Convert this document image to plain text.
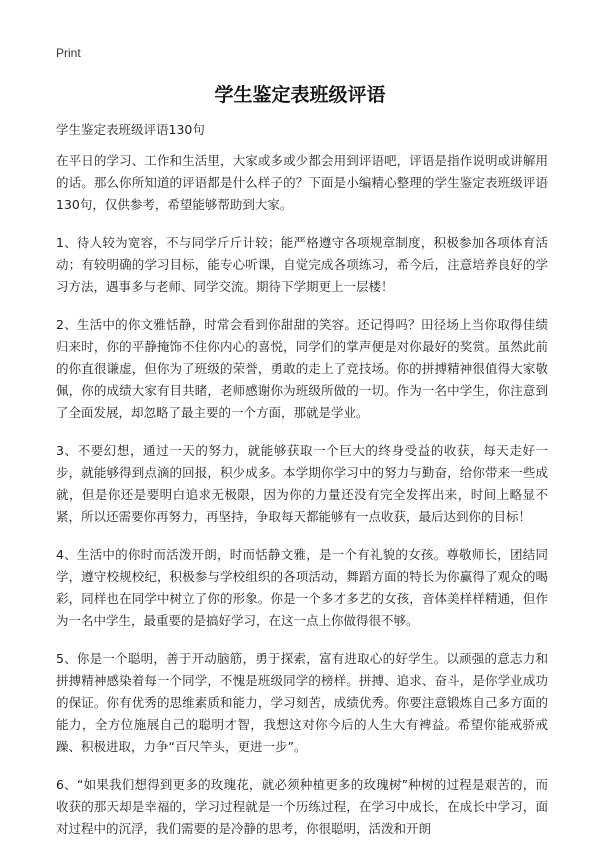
Print
学生鉴定表班级评语

学生鉴定表班级评语130句

在平日的学习、工作和生活里，大家或多或少都会用到评语吧，评语是指作说明或讲解用的话。那么你所知道的评语都是什么样子的？下面是小编精心整理的学生鉴定表班级评语130句，仅供参考，希望能够帮助到大家。

1、待人较为宽容，不与同学斤斤计较；能严格遵守各项规章制度，积极参加各项体育活动；有较明确的学习目标，能专心听课，自觉完成各项练习，希今后，注意培养良好的学习方法，遇事多与老师、同学交流。期待下学期更上一层楼！

2、生活中的你文雅恬静，时常会看到你甜甜的笑容。还记得吗？田径场上当你取得佳绩归来时，你的平静掩饰不住你内心的喜悦，同学们的掌声便是对你最好的奖赏。虽然此前的你直很谦虚，但你为了班级的荣誉，勇敢的走上了竞技场。你的拼搏精神很值得大家敬佩，你的成绩大家有目共睹，老师感谢你为班级所做的一切。作为一名中学生，你注意到了全面发展，却忽略了最主要的一个方面，那就是学业。

3、不要幻想，通过一天的努力，就能够获取一个巨大的终身受益的收获，每天走好一步，就能够得到点滴的回报，积少成多。本学期你学习中的努力与勤奋，给你带来一些成就，但是你还是要明白追求无极限，因为你的力量还没有完全发挥出来，时间上略显不紧，所以还需要你再努力，再坚持，争取每天都能够有一点收获，最后达到你的目标！

4、生活中的你时而活泼开朗，时而恬静文雅，是一个有礼貌的女孩。尊敬师长，团结同学，遵守校规校纪，积极参与学校组织的各项活动，舞蹈方面的特长为你赢得了观众的喝彩，同样也在同学中树立了你的形象。你是一个多才多艺的女孩，音体美样样精通，但作为一名中学生，最重要的是搞好学习，在这一点上你做得很不够。

5、你是一个聪明，善于开动脑筋，勇于探索，富有进取心的好学生。以顽强的意志力和拼搏精神感染着每一个同学，不愧是班级同学的榜样。拼搏、追求、奋斗，是你学业成功的保证。你有优秀的思维素质和能力，学习刻苦，成绩优秀。你要注意锻炼自己多方面的能力，全方位施展自己的聪明才智，我想这对你今后的人生大有裨益。希望你能戒骄戒躁、积极进取，力争“百尺竿头，更进一步”。

6、“如果我们想得到更多的玫瑰花，就必须种植更多的玫瑰树”种树的过程是艰苦的，而收获的那天却是幸福的，学习过程就是一个历练过程，在学习中成长，在成长中学习，面对过程中的沉浮，我们需要的是冷静的思考，你很聪明，活泼和开朗
